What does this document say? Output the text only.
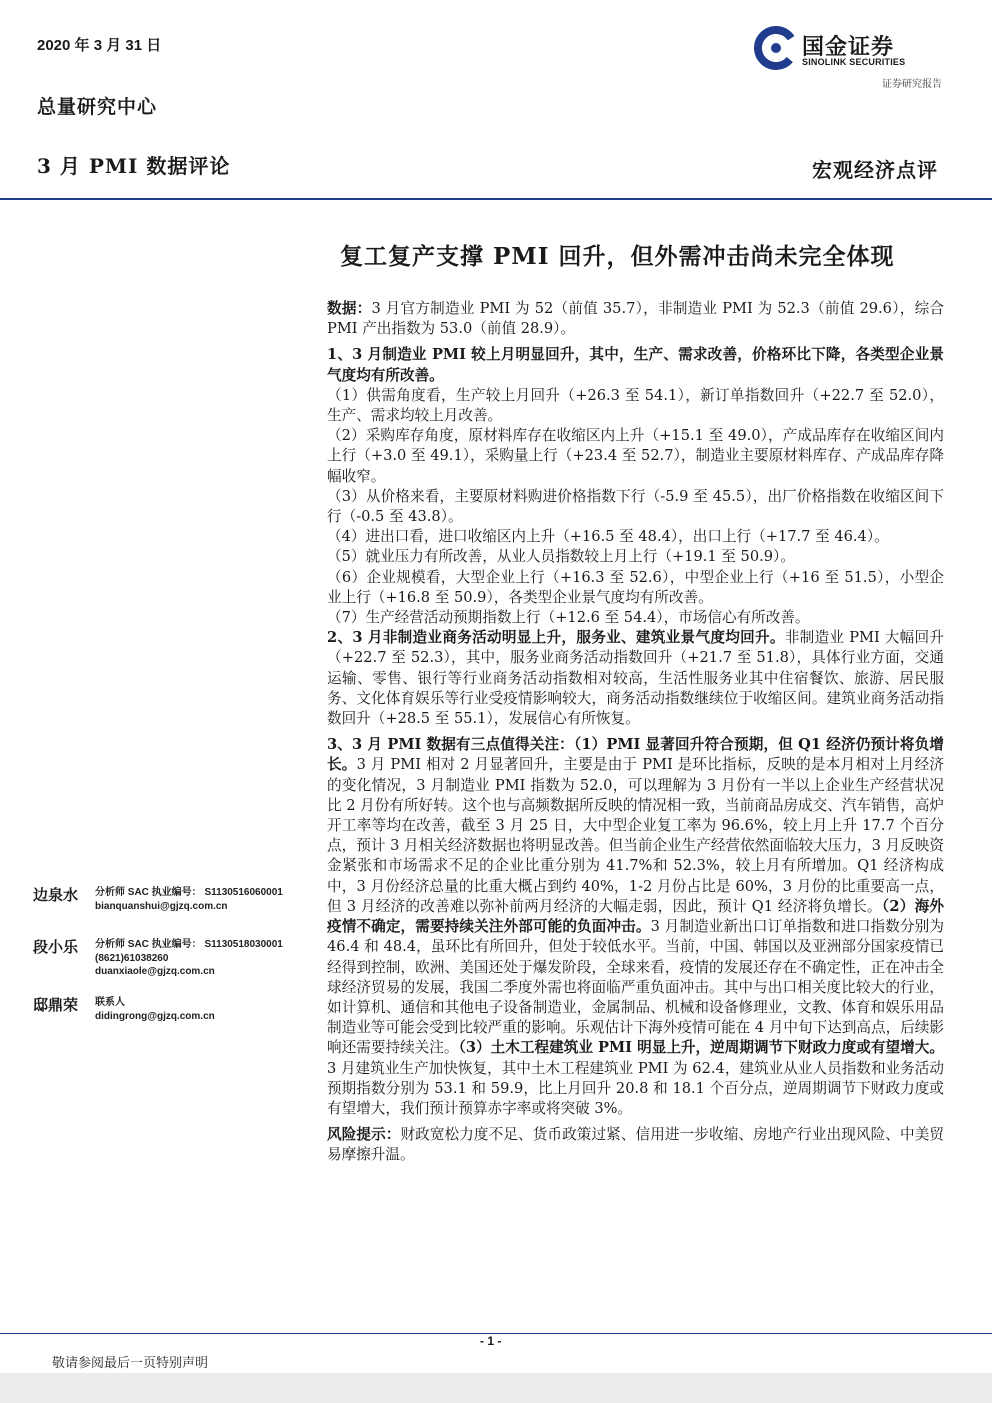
2020 年 3 月 31 日
总量研究中心
3 月 PMI 数据评论
国金证券
SINOLINK SECURITIES
证券研究报告
宏观经济点评
复工复产支撑 PMI 回升，但外需冲击尚未完全体现

数据：3 月官方制造业 PMI 为 52（前值 35.7），非制造业 PMI 为 52.3（前值 29.6），综合 PMI 产出指数为 53.0（前值 28.9）。

1、3 月制造业 PMI 较上月明显回升，其中，生产、需求改善，价格环比下降，各类型企业景气度均有所改善。

（1）供需角度看，生产较上月回升（+26.3 至 54.1），新订单指数回升（+22.7 至 52.0），生产、需求均较上月改善。

（2）采购库存角度，原材料库存在收缩区内上升（+15.1 至 49.0），产成品库存在收缩区间内上行（+3.0 至 49.1），采购量上行（+23.4 至 52.7），制造业主要原材料库存、产成品库存降幅收窄。

（3）从价格来看，主要原材料购进价格指数下行（-5.9 至 45.5），出厂价格指数在收缩区间下行（-0.5 至 43.8）。

（4）进出口看，进口收缩区内上升（+16.5 至 48.4），出口上行（+17.7 至 46.4）。

（5）就业压力有所改善，从业人员指数较上月上行（+19.1 至 50.9）。

（6）企业规模看，大型企业上行（+16.3 至 52.6），中型企业上行（+16 至 51.5），小型企业上行（+16.8 至 50.9），各类型企业景气度均有所改善。

（7）生产经营活动预期指数上行（+12.6 至 54.4），市场信心有所改善。

2、3 月非制造业商务活动明显上升，服务业、建筑业景气度均回升。非制造业 PMI 大幅回升（+22.7 至 52.3），其中，服务业商务活动指数回升（+21.7 至 51.8），具体行业方面，交通运输、零售、银行等行业商务活动指数相对较高，生活性服务业其中住宿餐饮、旅游、居民服务、文化体育娱乐等行业受疫情影响较大，商务活动指数继续位于收缩区间。建筑业商务活动指数回升（+28.5 至 55.1），发展信心有所恢复。

3、3 月 PMI 数据有三点值得关注：（1）PMI 显著回升符合预期，但 Q1 经济仍预计将负增长。3 月 PMI 相对 2 月显著回升，主要是由于 PMI 是环比指标，反映的是本月相对上月经济的变化情况，3 月制造业 PMI 指数为 52.0，可以理解为 3 月份有一半以上企业生产经营状况比 2 月份有所好转。这个也与高频数据所反映的情况相一致，当前商品房成交、汽车销售，高炉开工率等均在改善，截至 3 月 25 日，大中型企业复工率为 96.6%，较上月上升 17.7 个百分点，预计 3 月相关经济数据也将明显改善。但当前企业生产经营依然面临较大压力，3 月反映资金紧张和市场需求不足的企业比重分别为 41.7%和 52.3%，较上月有所增加。Q1 经济构成中，3 月份经济总量的比重大概占到约 40%，1-2 月份占比是 60%，3 月份的比重要高一点，但 3 月经济的改善难以弥补前两月经济的大幅走弱，因此，预计 Q1 经济将负增长。（2）海外疫情不确定，需要持续关注外部可能的负面冲击。3 月制造业新出口订单指数和进口指数分别为 46.4 和 48.4，虽环比有所回升，但处于较低水平。当前，中国、韩国以及亚洲部分国家疫情已经得到控制，欧洲、美国还处于爆发阶段，全球来看，疫情的发展还存在不确定性，正在冲击全球经济贸易的发展，我国二季度外需也将面临严重负面冲击。其中与出口相关度比较大的行业，如计算机、通信和其他电子设备制造业，金属制品、机械和设备修理业，文教、体育和娱乐用品制造业等可能会受到比较严重的影响。乐观估计下海外疫情可能在 4 月中旬下达到高点，后续影响还需要持续关注。（3）土木工程建筑业 PMI 明显上升，逆周期调节下财政力度或有望增大。3 月建筑业生产加快恢复，其中土木工程建筑业 PMI 为 62.4，建筑业从业人员指数和业务活动预期指数分别为 53.1 和 59.9，比上月回升 20.8 和 18.1 个百分点，逆周期调节下财政力度或有望增大，我们预计预算赤字率或将突破 3%。

风险提示：财政宽松力度不足、货币政策过紧、信用进一步收缩、房地产行业出现风险、中美贸易摩擦升温。

边泉水 分析师 SAC 执业编号： S1130516060001
bianquanshui@gjzq.com.cn
段小乐 分析师 SAC 执业编号： S1130518030001
(8621)61038260
duanxiaole@gjzq.com.cn
邸鼎荣 联系人
didingrong@gjzq.com.cn
- 1 -
敬请参阅最后一页特别声明
